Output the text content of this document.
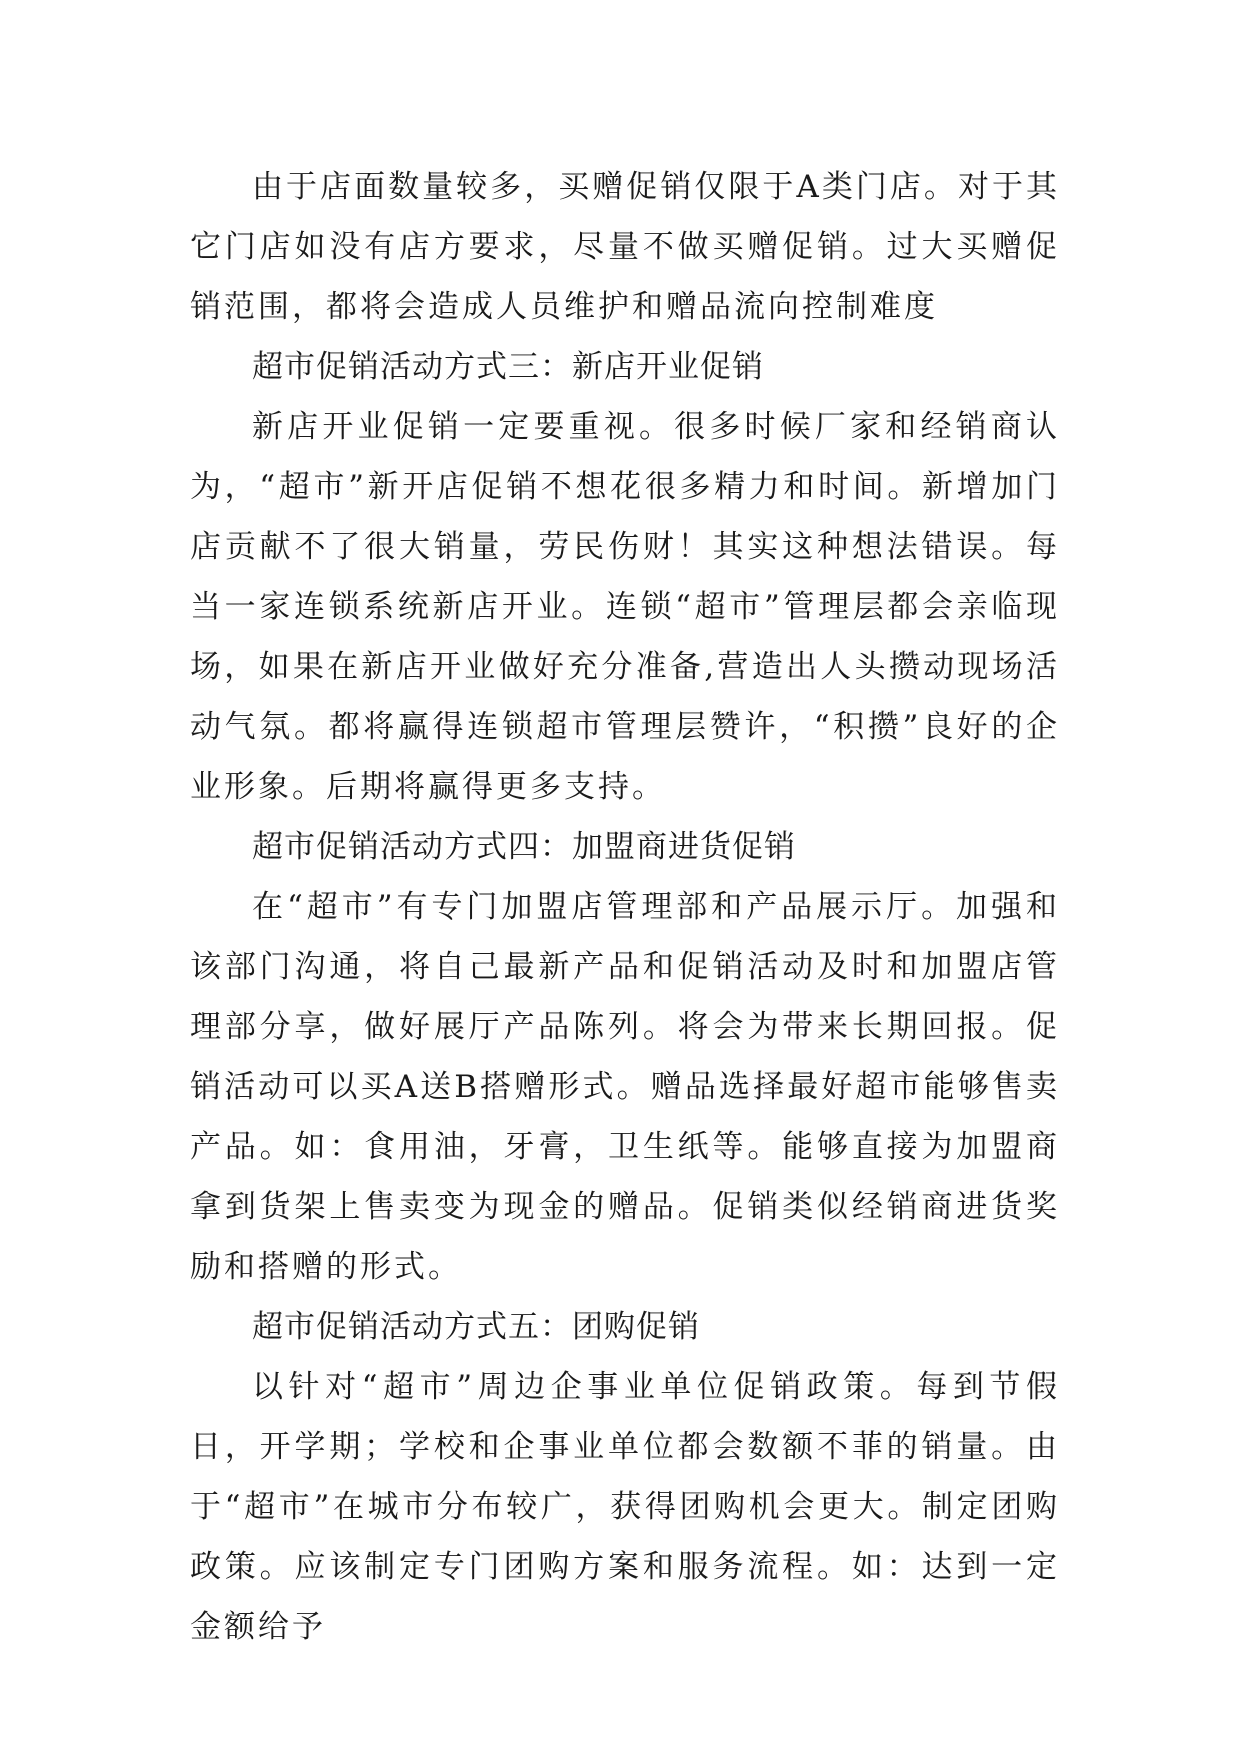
由于店面数量较多，买赠促销仅限于A类门店。对于其它门店如没有店方要求，尽量不做买赠促销。过大买赠促销范围，都将会造成人员维护和赠品流向控制难度

超市促销活动方式三：新店开业促销

新店开业促销一定要重视。很多时候厂家和经销商认为，“超市”新开店促销不想花很多精力和时间。新增加门店贡献不了很大销量，劳民伤财！其实这种想法错误。每当一家连锁系统新店开业。连锁“超市”管理层都会亲临现场，如果在新店开业做好充分准备,营造出人头攒动现场活动气氛。都将赢得连锁超市管理层赞许，“积攒”良好的企业形象。后期将赢得更多支持。

超市促销活动方式四：加盟商进货促销

在“超市”有专门加盟店管理部和产品展示厅。加强和该部门沟通，将自己最新产品和促销活动及时和加盟店管理部分享，做好展厅产品陈列。将会为带来长期回报。促销活动可以买A送B搭赠形式。赠品选择最好超市能够售卖产品。如：食用油，牙膏，卫生纸等。能够直接为加盟商拿到货架上售卖变为现金的赠品。促销类似经销商进货奖励和搭赠的形式。

超市促销活动方式五：团购促销

以针对“超市”周边企事业单位促销政策。每到节假日，开学期；学校和企事业单位都会数额不菲的销量。由于“超市”在城市分布较广，获得团购机会更大。制定团购政策。应该制定专门团购方案和服务流程。如：达到一定金额给予
